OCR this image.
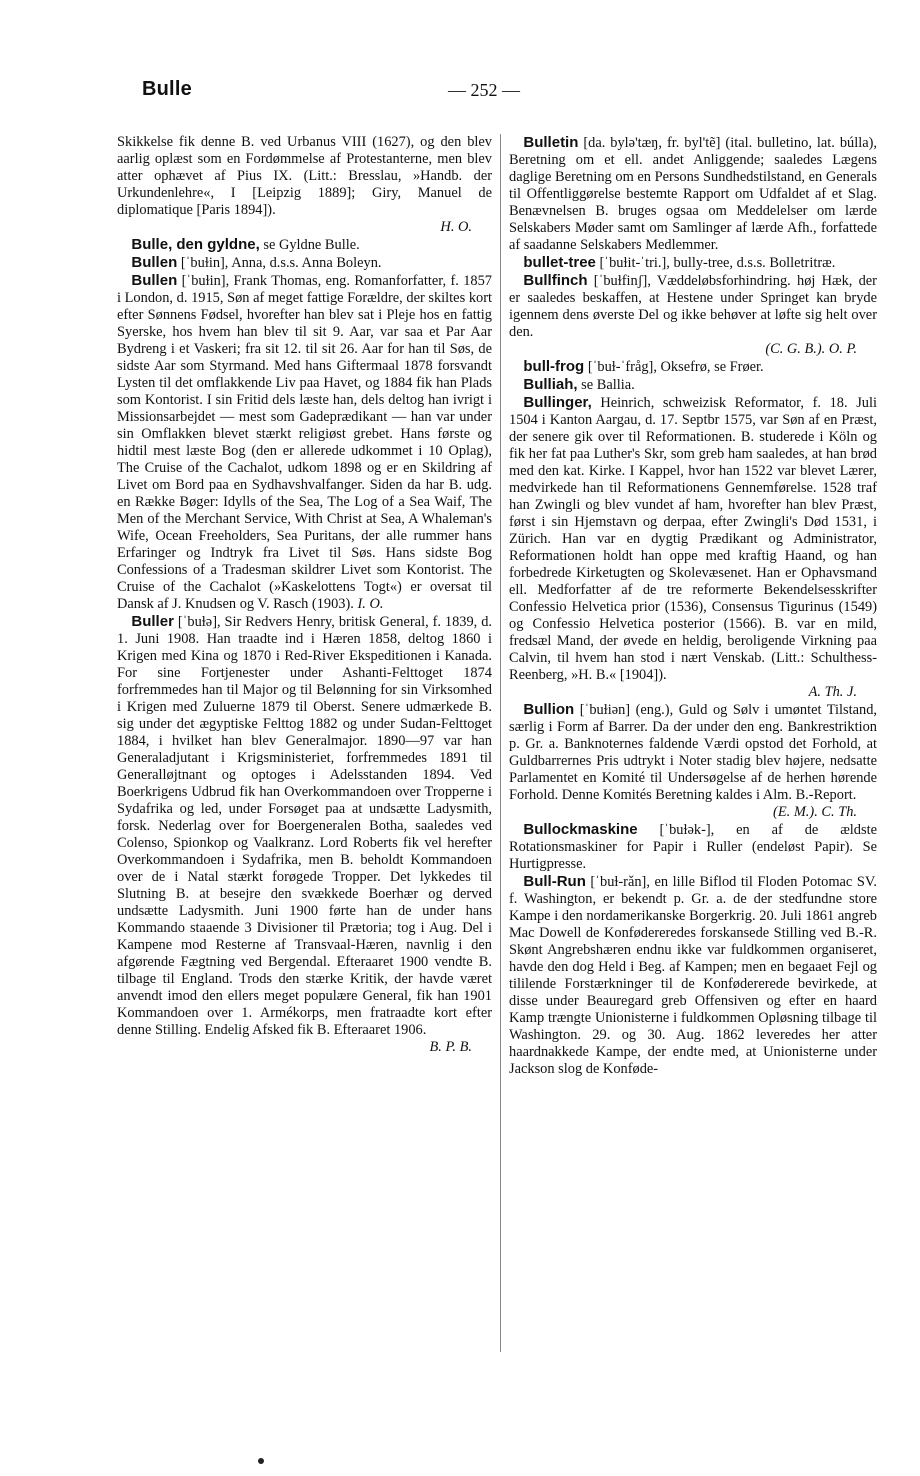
Bulle	— 252 —

Skikkelse fik denne B. ved Urbanus VIII (1627), og den blev aarlig oplæst som en Fordømmelse af Protestanterne, men blev atter ophævet af Pius IX. (Litt.: Bresslau, »Handb. der Urkundenlehre«, I [Leipzig 1889]; Giry, Manuel de diplomatique [Paris 1894]).
H. O.

 Bulle, den gyldne, se Gyldne Bulle.

 Bullen [ˈbuɫin], Anna, d.s.s. Anna Boleyn.

 Bullen [ˈbuɫin], Frank Thomas, eng. Romanforfatter, f. 1857 i London, d. 1915, Søn af meget fattige Forældre, der skiltes kort efter Sønnens Fødsel, hvorefter han blev sat i Pleje hos en fattig Syerske, hos hvem han blev til sit 9. Aar, var saa et Par Aar Bydreng i et Vaskeri; fra sit 12. til sit 26. Aar for han til Søs, de sidste Aar som Styrmand. Med hans Giftermaal 1878 forsvandt Lysten til det omflakkende Liv paa Havet, og 1884 fik han Plads som Kontorist. I sin Fritid dels læste han, dels deltog han ivrigt i Missionsarbejdet — mest som Gadeprædikant — han var under sin Omflakken blevet stærkt religiøst grebet. Hans første og hidtil mest læste Bog (den er allerede udkommet i 10 Oplag), The Cruise of the Cachalot, udkom 1898 og er en Skildring af Livet om Bord paa en Sydhavshvalfanger. Siden da har B. udg. en Række Bøger: Idylls of the Sea, The Log of a Sea Waif, The Men of the Merchant Service, With Christ at Sea, A Whaleman's Wife, Ocean Freeholders, Sea Puritans, der alle rummer hans Erfaringer og Indtryk fra Livet til Søs. Hans sidste Bog Confessions of a Tradesman skildrer Livet som Kontorist. The Cruise of the Cachalot (»Kaskelottens Togt«) er oversat til Dansk af J. Knudsen og V. Rasch (1903). I. O.

 Buller [ˈbuɫə], Sir Redvers Henry, britisk General, f. 1839, d. 1. Juni 1908. Han traadte ind i Hæren 1858, deltog 1860 i Krigen med Kina og 1870 i Red-River Ekspeditionen i Kanada. For sine Fortjenester under Ashanti-Felttoget 1874 forfremmedes han til Major og til Belønning for sin Virksomhed i Krigen med Zuluerne 1879 til Oberst. Senere udmærkede B. sig under det ægyptiske Felttog 1882 og under Sudan-Felttoget 1884, i hvilket han blev Generalmajor. 1890—97 var han Generaladjutant i Krigsministeriet, forfremmedes 1891 til Generalløjtnant og optoges i Adelsstanden 1894. Ved Boerkrigens Udbrud fik han Overkommandoen over Tropperne i Sydafrika og led, under Forsøget paa at undsætte Ladysmith, forsk. Nederlag over for Boergeneralen Botha, saaledes ved Colenso, Spionkop og Vaalkranz. Lord Roberts fik vel herefter Overkommandoen i Sydafrika, men B. beholdt Kommandoen over de i Natal stærkt forøgede Tropper. Det lykkedes til Slutning B. at besejre den svækkede Boerhær og derved undsætte Ladysmith. Juni 1900 førte han de under hans Kommando staaende 3 Divisioner til Prætoria; tog i Aug. Del i Kampene mod Resterne af Transvaal-Hæren, navnlig i den afgørende Fægtning ved Bergendal. Efteraaret 1900 vendte B. tilbage til England. Trods den stærke Kritik, der havde været anvendt imod den ellers meget populære General, fik han 1901 Kommandoen over 1. Armékorps, men fratraadte kort efter denne Stilling. Endelig Afsked fik B. Efteraaret 1906.
B. P. B.

 Bulletin [da. bylə'tæŋ, fr. byl'tẽ] (ital. bulletino, lat. búlla), Beretning om et ell. andet Anliggende; saaledes Lægens daglige Beretning om en Persons Sundhedstilstand, en Generals til Offentliggørelse bestemte Rapport om Udfaldet af et Slag. Benævnelsen B. bruges ogsaa om Meddelelser om lærde Selskabers Møder samt om Samlinger af lærde Afh., forfattede af saadanne Selskabers Medlemmer.

 bullet-tree [ˈbuɫit-ˈtri.], bully-tree, d.s.s. Bolletritræ.

 Bullfinch [ˈbuɫfinʃ], Væddeløbsforhindring. høj Hæk, der er saaledes beskaffen, at Hestene under Springet kan bryde igennem dens øverste Del og ikke behøver at løfte sig helt over den.
(C. G. B.). O. P.

 bull-frog [ˈbuɫ-ˈfråg], Oksefrø, se Frøer.

 Bulliah, se Ballia.

 Bullinger, Heinrich, schweizisk Reformator, f. 18. Juli 1504 i Kanton Aargau, d. 17. Septbr 1575, var Søn af en Præst, der senere gik over til Reformationen. B. studerede i Köln og fik her fat paa Luther's Skr, som greb ham saaledes, at han brød med den kat. Kirke. I Kappel, hvor han 1522 var blevet Lærer, medvirkede han til Reformationens Gennemførelse. 1528 traf han Zwingli og blev vundet af ham, hvorefter han blev Præst, først i sin Hjemstavn og derpaa, efter Zwingli's Død 1531, i Zürich. Han var en dygtig Prædikant og Administrator, Reformationen holdt han oppe med kraftig Haand, og han forbedrede Kirketugten og Skolevæsenet. Han er Ophavsmand ell. Medforfatter af de tre reformerte Bekendelsesskrifter Confessio Helvetica prior (1536), Consensus Tigurinus (1549) og Confessio Helvetica posterior (1566). B. var en mild, fredsæl Mand, der øvede en heldig, beroligende Virkning paa Calvin, til hvem han stod i nært Venskab. (Litt.: Schulthess-Reenberg, »H. B.« [1904]).
A. Th. J.

 Bullion [ˈbuɫiən] (eng.), Guld og Sølv i umøntet Tilstand, særlig i Form af Barrer. Da der under den eng. Bankrestriktion p. Gr. a. Banknoternes faldende Værdi opstod det Forhold, at Guldbarrernes Pris udtrykt i Noter stadig blev højere, nedsatte Parlamentet en Komité til Undersøgelse af de herhen hørende Forhold. Denne Komités Beretning kaldes i Alm. B.-Report.
(E. M.). C. Th.

 Bullockmaskine [ˈbuɫək-], en af de ældste Rotationsmaskiner for Papir i Ruller (endeløst Papir). Se Hurtigpresse.

 Bull-Run [ˈbuɫ-rǎn], en lille Biflod til Floden Potomac SV. f. Washington, er bekendt p. Gr. a. de der stedfundne store Kampe i den nordamerikanske Borgerkrig. 20. Juli 1861 angreb Mac Dowell de Konfødereredes forskansede Stilling ved B.-R. Skønt Angrebshæren endnu ikke var fuldkommen organiseret, havde den dog Held i Beg. af Kampen; men en begaaet Fejl og tililende Forstærkninger til de Konfødererede bevirkede, at disse under Beauregard greb Offensiven og efter en haard Kamp trængte Unionisterne i fuldkommen Opløsning tilbage til Washington. 29. og 30. Aug. 1862 leveredes her atter haardnakkede Kampe, der endte med, at Unionisterne under Jackson slog de Konføde-
